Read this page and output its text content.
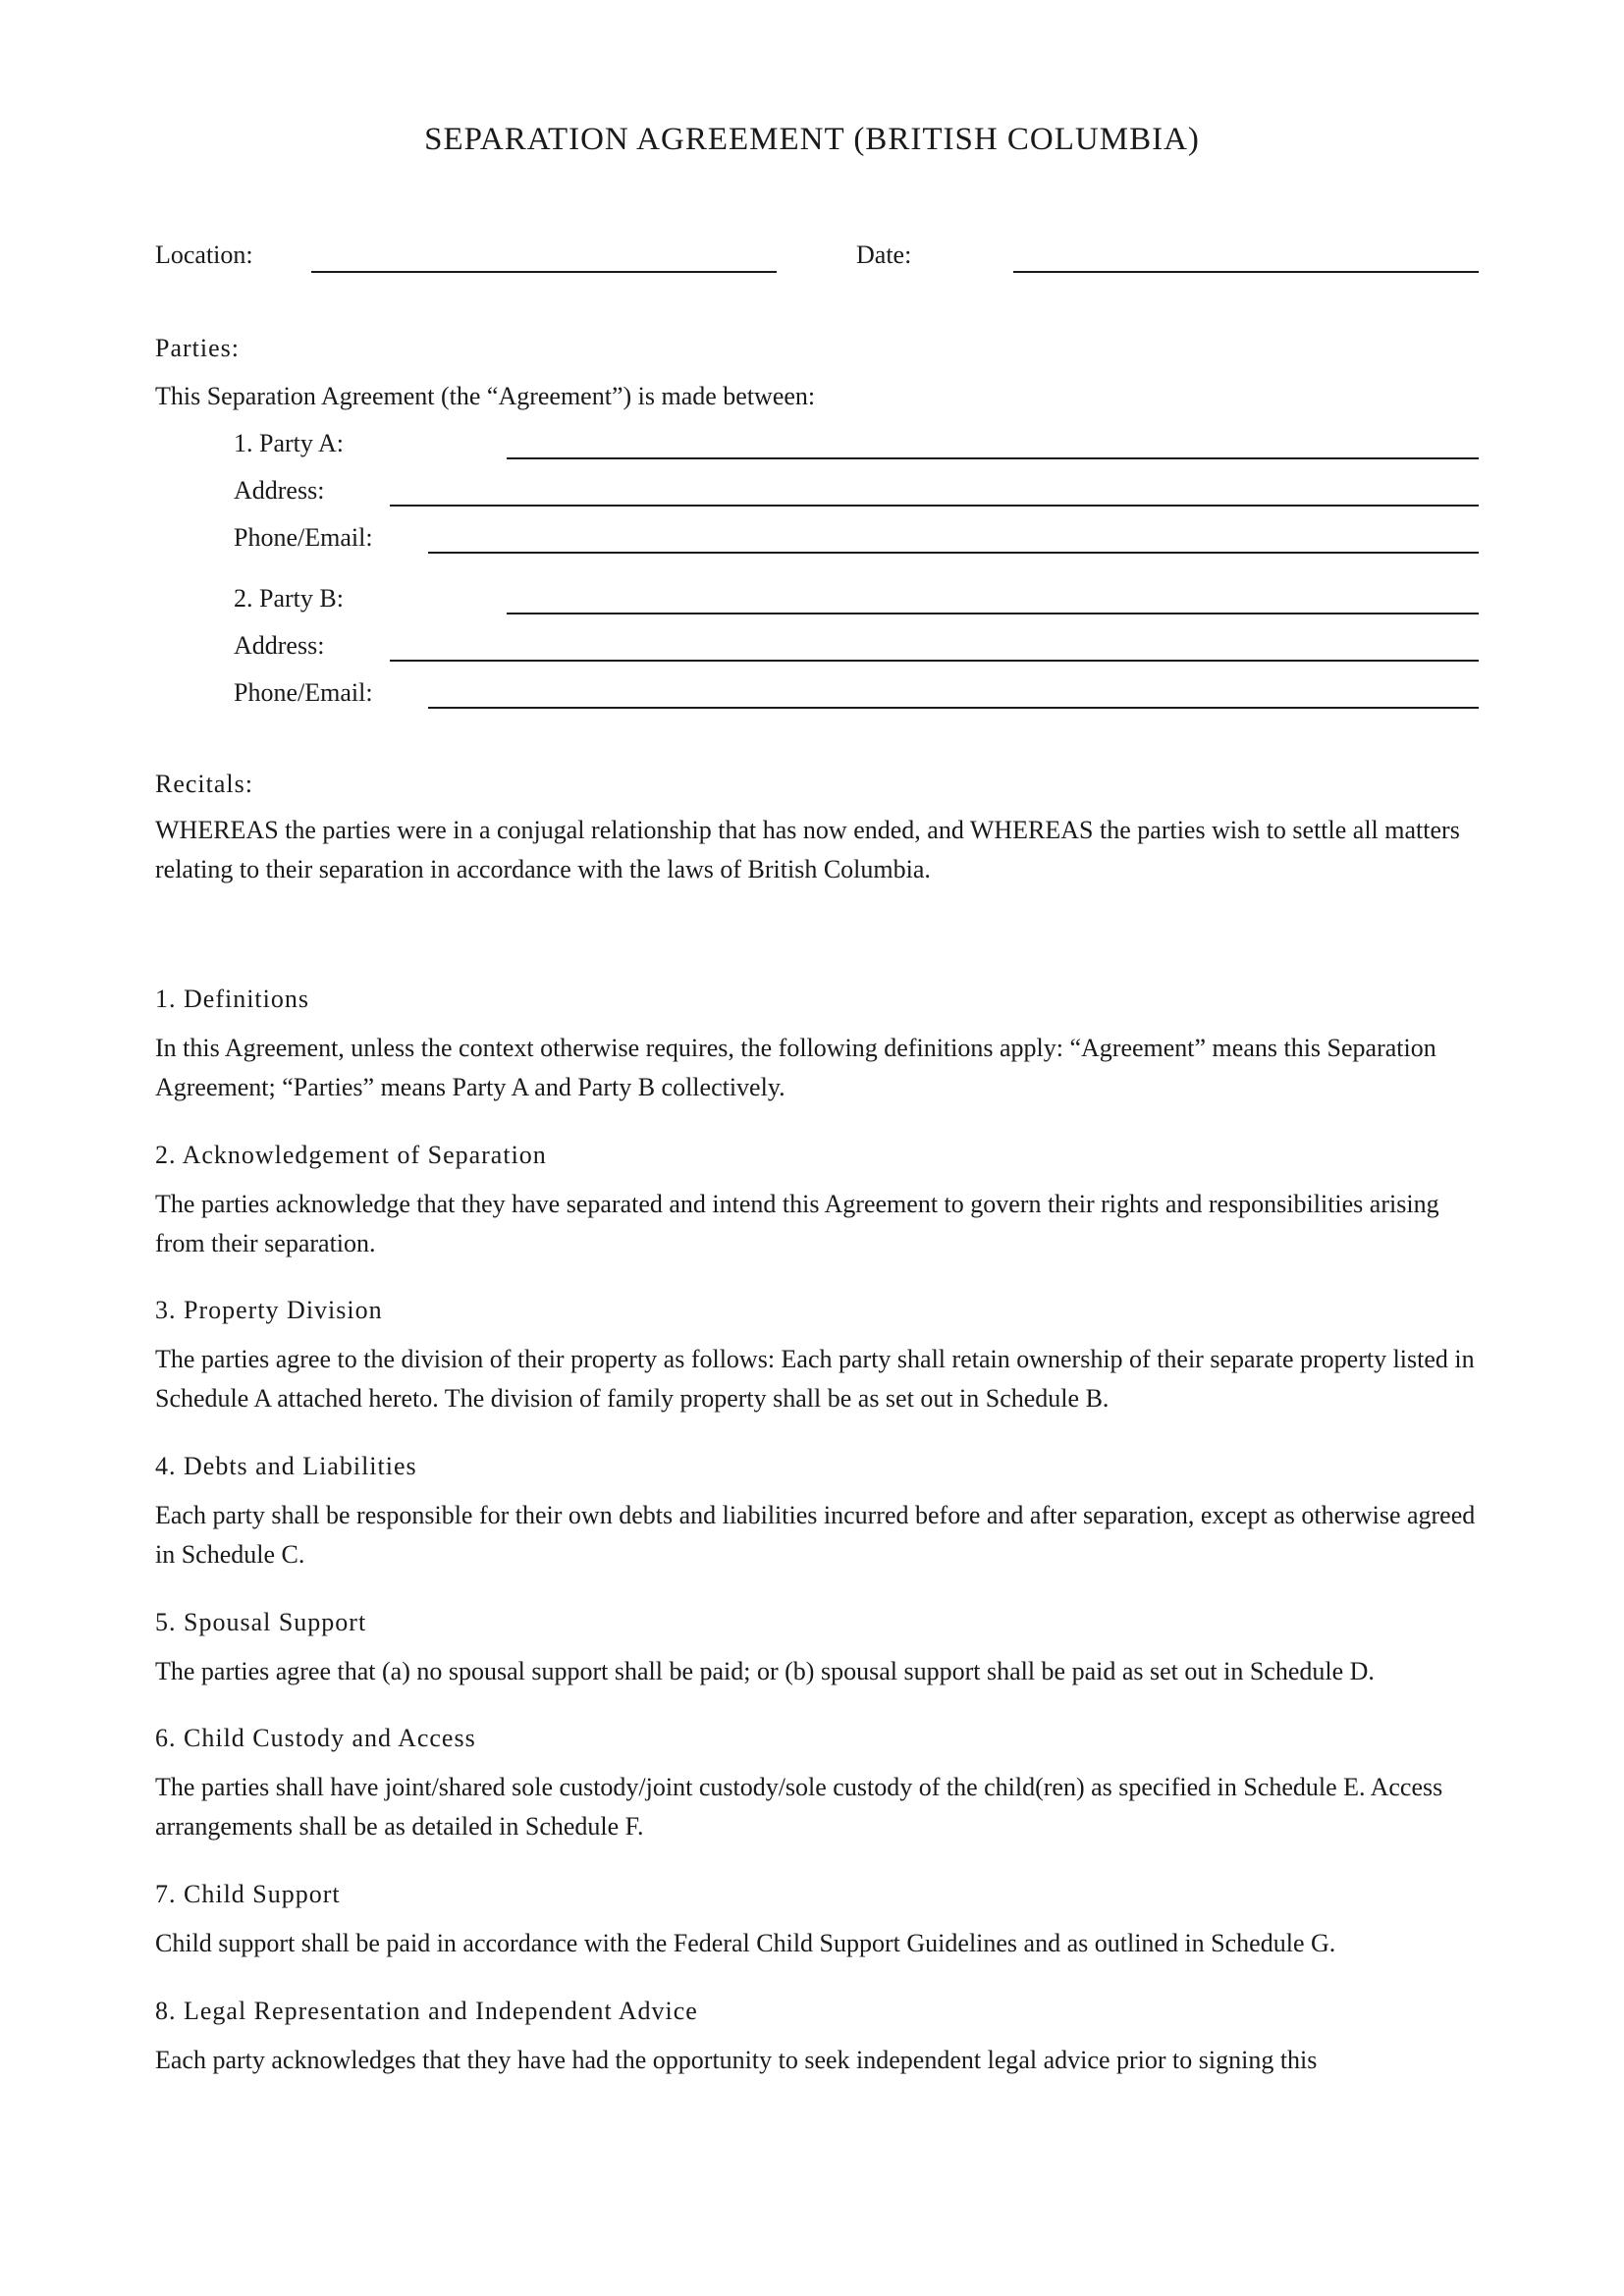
SEPARATION AGREEMENT (BRITISH COLUMBIA)
Location:	Date:
Parties:
This Separation Agreement (the “Agreement”) is made between:
1. Party A:
Address:
Phone/Email:
2. Party B:
Address:
Phone/Email:
Recitals:
WHEREAS the parties were in a conjugal relationship that has now ended, and WHEREAS the parties wish to settle all matters relating to their separation in accordance with the laws of British Columbia.
1. Definitions
In this Agreement, unless the context otherwise requires, the following definitions apply: “Agreement” means this Separation Agreement; “Parties” means Party A and Party B collectively.
2. Acknowledgement of Separation
The parties acknowledge that they have separated and intend this Agreement to govern their rights and responsibilities arising from their separation.
3. Property Division
The parties agree to the division of their property as follows: Each party shall retain ownership of their separate property listed in Schedule A attached hereto. The division of family property shall be as set out in Schedule B.
4. Debts and Liabilities
Each party shall be responsible for their own debts and liabilities incurred before and after separation, except as otherwise agreed in Schedule C.
5. Spousal Support
The parties agree that (a) no spousal support shall be paid; or (b) spousal support shall be paid as set out in Schedule D.
6. Child Custody and Access
The parties shall have joint/shared sole custody/joint custody/sole custody of the child(ren) as specified in Schedule E. Access arrangements shall be as detailed in Schedule F.
7. Child Support
Child support shall be paid in accordance with the Federal Child Support Guidelines and as outlined in Schedule G.
8. Legal Representation and Independent Advice
Each party acknowledges that they have had the opportunity to seek independent legal advice prior to signing this
